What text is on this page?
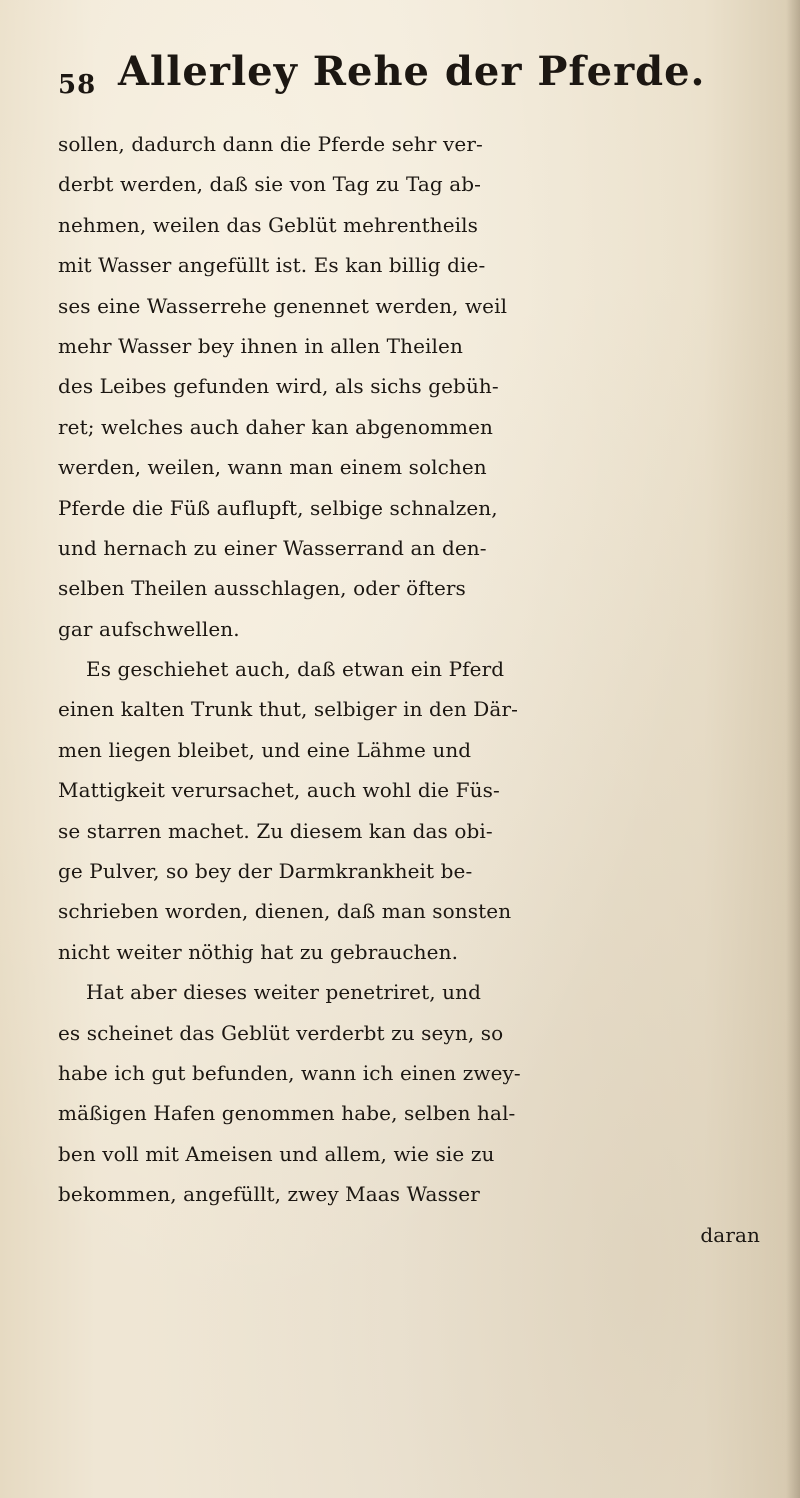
58 Allerley Rehe der Pferde.
sollen, dadurch dann die Pferde sehr ver-
derbt werden, daß sie von Tag zu Tag ab-
nehmen, weilen das Geblüt mehrentheils
mit Wasser angefüllt ist. Es kan billig die-
ses eine Wasserrehe genennet werden, weil
mehr Wasser bey ihnen in allen Theilen
des Leibes gefunden wird, als sichs gebüh-
ret; welches auch daher kan abgenommen
werden, weilen, wann man einem solchen
Pferde die Füß auflupft, selbige schnalzen,
und hernach zu einer Wasserrand an den-
selben Theilen ausschlagen, oder öfters
gar aufschwellen.
Es geschiehet auch, daß etwan ein Pferd
einen kalten Trunk thut, selbiger in den Där-
men liegen bleibet, und eine Lähme und
Mattigkeit verursachet, auch wohl die Füs-
se starren machet. Zu diesem kan das obi-
ge Pulver, so bey der Darmkrankheit be-
schrieben worden, dienen, daß man sonsten
nicht weiter nöthig hat zu gebrauchen.
Hat aber dieses weiter penetriret, und
es scheinet das Geblüt verderbt zu seyn, so
habe ich gut befunden, wann ich einen zwey-
mäßigen Hafen genommen habe, selben hal-
ben voll mit Ameisen und allem, wie sie zu
bekommen, angefüllt, zwey Maas Wasser
daran
